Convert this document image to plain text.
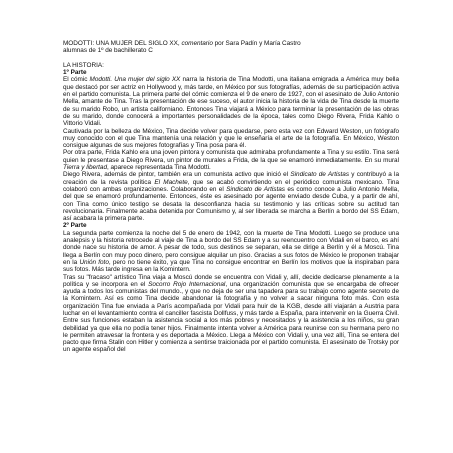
MODOTTI: UNA MUJER DEL SIGLO XX, comentario por Sara Padín y María Castro

alumnas de 1º de bachillerato C

LA HISTORIA:

1º Parte

El cómic Modotti. Una mujer del siglo XX narra la historia de Tina Modotti, una italiana emigrada a América muy bella que destacó por ser actriz en Hollywood y, más tarde, en México por sus fotografías, además de su participación activa en el partido comunista. La primera parte del cómic comienza el 9 de enero de 1927, con el asesinato de Julio Antonio Mella, amante de Tina. Tras la presentación de ese suceso, el autor inicia la historia de la vida de Tina desde la muerte de su marido Robo, un artista californiano. Entonces Tina viajará a México para terminar la presentación de las obras de su marido, donde conocerá a importantes personalidades de la época, tales como Diego Rivera, Frida Kahlo o Vittorio Vidali.

Cautivada por la belleza de México, Tina decide volver para quedarse, pero esta vez con Edward Weston, un fotógrafo muy conocido con el que Tina mantenía una relación y que le enseñaría el arte de la fotografía. En México, Weston consigue algunas de sus mejores fotografías y Tina posa para él.

Por otra parte, Frida Kahlo era una joven pintora y comunista que admiraba profundamente a Tina y su estilo. Tina será quien le presentase a Diego Rivera, un pintor de murales a Frida, de la que se enamoró inmediatamente. En su mural Tierra y libertad, aparece representada Tina Modotti.

Diego Rivera, además de pintor, también era un comunista activo que inició el Sindicato de Artistas y contribuyó a la creación de la revista política El Machete, que se acabó convirtiendo en el periódico comunista mexicano. Tina colaboró con ambas organizaciones. Colaborando en el Sindicato de Artistas es como conoce a Julio Antonio Mella, del que se enamoró profundamente. Entonces, éste es asesinado por agente enviado desde Cuba, y a partir de ahí, con Tina como único testigo se desata la desconfianza hacia su testimonio y las críticas sobre su actitud tan revolucionaria. Finalmente acaba detenida por Comunismo y, al ser liberada se marcha a Berlín a bordo del SS Edam, así acabara la primera parte.

2º Parte

La segunda parte comienza la noche del 5 de enero de 1942, con la muerte de Tina Modotti. Luego se produce una analepsis y la historia retrocede al viaje de Tina a bordo del SS Edam y a su reencuentro con Vidali en el barco, es ahí donde nace su historia de amor. A pesar de todo, sus destinos se separan, ella se dirige a Berlín y él a Moscú. Tina llega a Berlín con muy poco dinero, pero consigue alquilar un piso. Gracias a sus fotos de México le proponen trabajar en la Unión foto, pero no tiene éxito, ya que Tina no consigue encontrar en Berlín los motivos que la inspiraban para sus fotos. Más tarde ingresa en la Komintern.

Tras su "fracaso" artístico Tina viaja a Moscú donde se encuentra con Vidali y, allí, decide dedicarse plenamente a la política y se incorpora en el Socorro Rojo Internacional, una organización comunista que se encargaba de ofrecer ayuda a todos los comunistas del mundo., y que no deja de ser una tapadera para su trabajo como agente secreto de la Komintern. Así es como Tina decide abandonar la fotografía y no volver a sacar ninguna foto más. Con esta organización Tina fue enviada a París acompañada por Vidali para huir de la KGB, desde allí viajarán a Austria para luchar en el levantamiento contra el canciller fascista Dollfuss, y más tarde a España, para intervenir en la Guerra Civil. Entre sus funciones estaban la asistencia social a los más pobres y necesitados y la asistencia a los niños, su gran debilidad ya que ella no podía tener hijos. Finalmente intenta volver a América para reunirse con su hermana pero no le permiten atravesar la frontera y es deportada a México. Llega a México con Vidali y, una vez allí, Tina se entera del pacto que firma Stalin con Hitler y comienza a sentirse traicionada por el partido comunista. El asesinato de Trotsky por un agente español del
